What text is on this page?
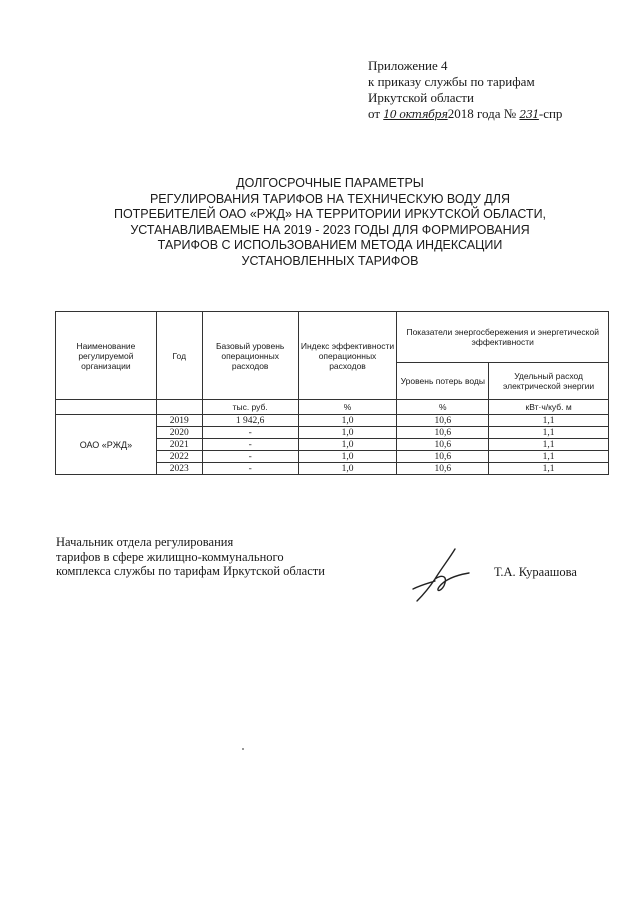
Приложение 4
к приказу службы по тарифам
Иркутской области
от 10 октября2018 года № 231-спр
ДОЛГОСРОЧНЫЕ ПАРАМЕТРЫ
РЕГУЛИРОВАНИЯ ТАРИФОВ НА ТЕХНИЧЕСКУЮ ВОДУ ДЛЯ
ПОТРЕБИТЕЛЕЙ ОАО «РЖД» НА ТЕРРИТОРИИ ИРКУТСКОЙ ОБЛАСТИ,
УСТАНАВЛИВАЕМЫЕ НА 2019 - 2023 ГОДЫ ДЛЯ ФОРМИРОВАНИЯ
ТАРИФОВ С ИСПОЛЬЗОВАНИЕМ МЕТОДА ИНДЕКСАЦИИ
УСТАНОВЛЕННЫХ ТАРИФОВ
Наименование регулируемой организации	Год	Базовый уровень операционных расходов	Индекс эффективности операционных расходов	Показатели энергосбережения и энергетической эффективности	
				Уровень потерь воды	Удельный расход электрической энергии
		тыс. руб.	%	%	кВт·ч/куб. м
ОАО «РЖД»	2019	1 942,6	1,0	10,6	1,1
	2020	-	1,0	10,6	1,1
	2021	-	1,0	10,6	1,1
	2022	-	1,0	10,6	1,1
	2023	-	1,0	10,6	1,1
Начальник отдела регулирования
тарифов в сфере жилищно-коммунального
комплекса службы по тарифам Иркутской области	Т.А. Кураашова
